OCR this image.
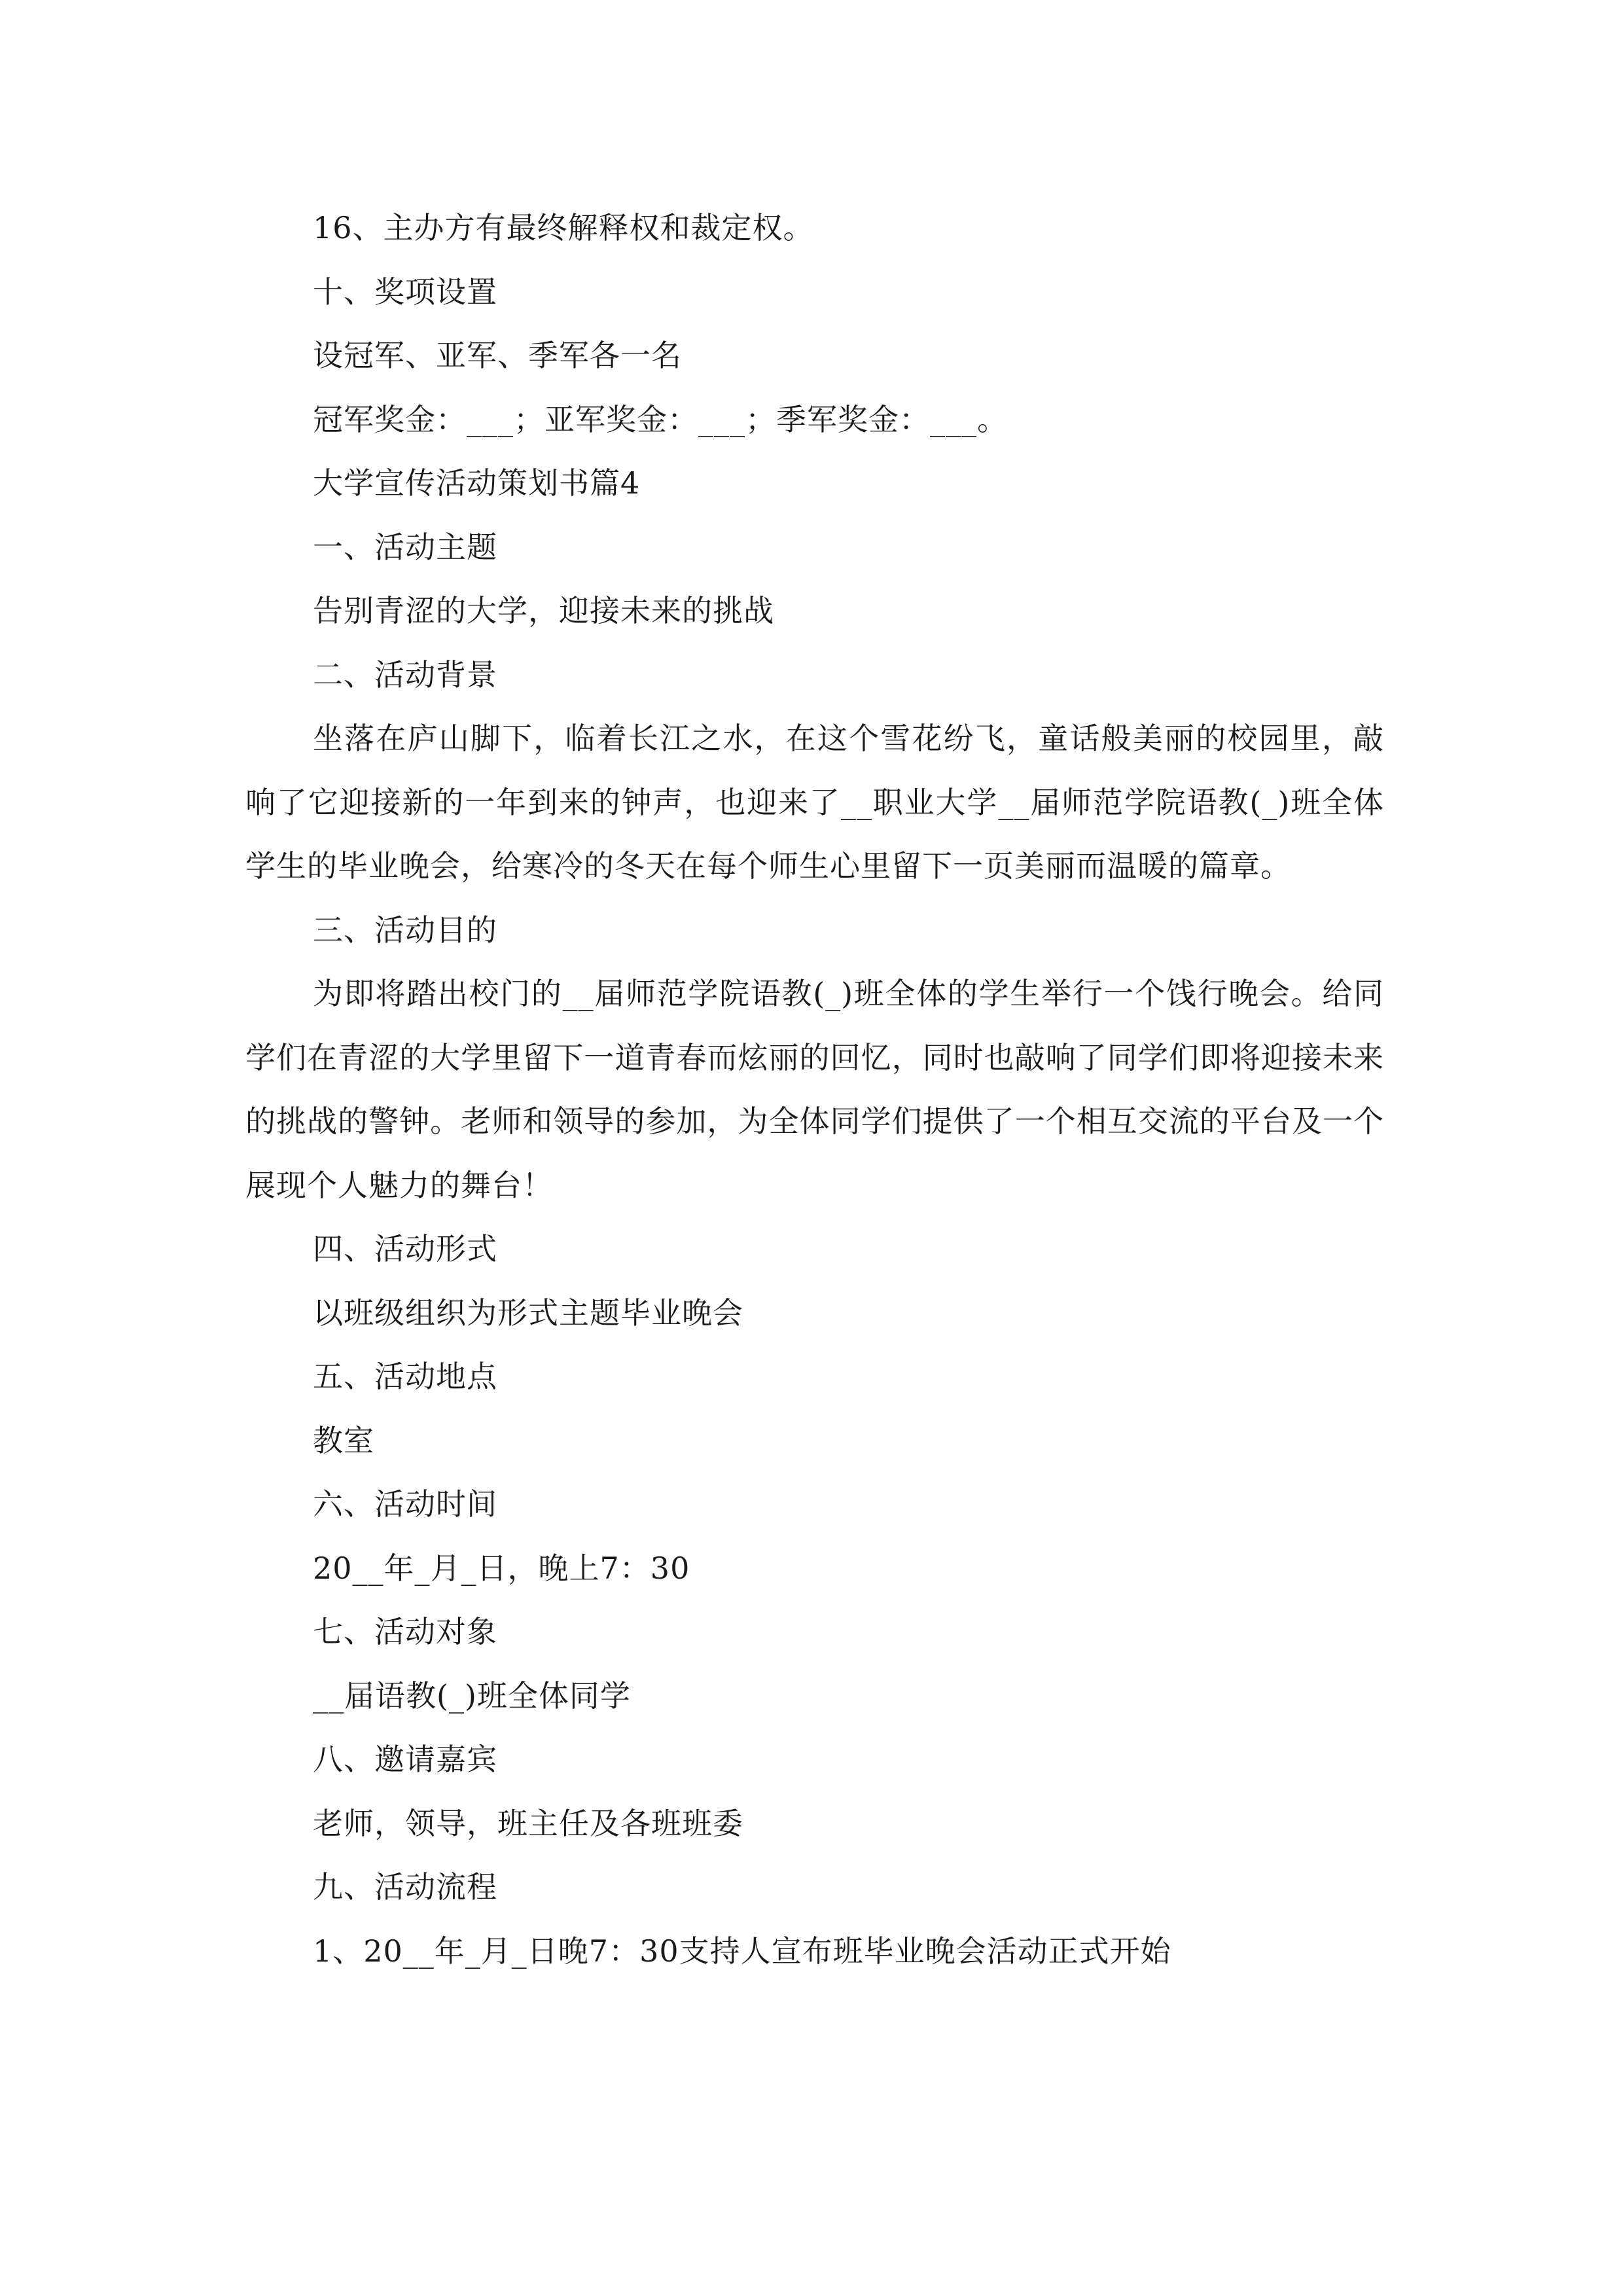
16、主办方有最终解释权和裁定权。
十、奖项设置
设冠军、亚军、季军各一名
冠军奖金：___；亚军奖金：___；季军奖金：___。
大学宣传活动策划书篇4
一、活动主题
告别青涩的大学，迎接未来的挑战
二、活动背景
坐落在庐山脚下，临着长江之水，在这个雪花纷飞，童话般美丽的校园里，敲响了它迎接新的一年到来的钟声，也迎来了__职业大学__届师范学院语教(_)班全体学生的毕业晚会，给寒冷的冬天在每个师生心里留下一页美丽而温暖的篇章。
三、活动目的
为即将踏出校门的__届师范学院语教(_)班全体的学生举行一个饯行晚会。给同学们在青涩的大学里留下一道青春而炫丽的回忆，同时也敲响了同学们即将迎接未来的挑战的警钟。老师和领导的参加，为全体同学们提供了一个相互交流的平台及一个展现个人魅力的舞台！
四、活动形式
以班级组织为形式主题毕业晚会
五、活动地点
教室
六、活动时间
20__年_月_日，晚上7：30
七、活动对象
__届语教(_)班全体同学
八、邀请嘉宾
老师，领导，班主任及各班班委
九、活动流程
1、20__年_月_日晚7：30支持人宣布班毕业晚会活动正式开始
